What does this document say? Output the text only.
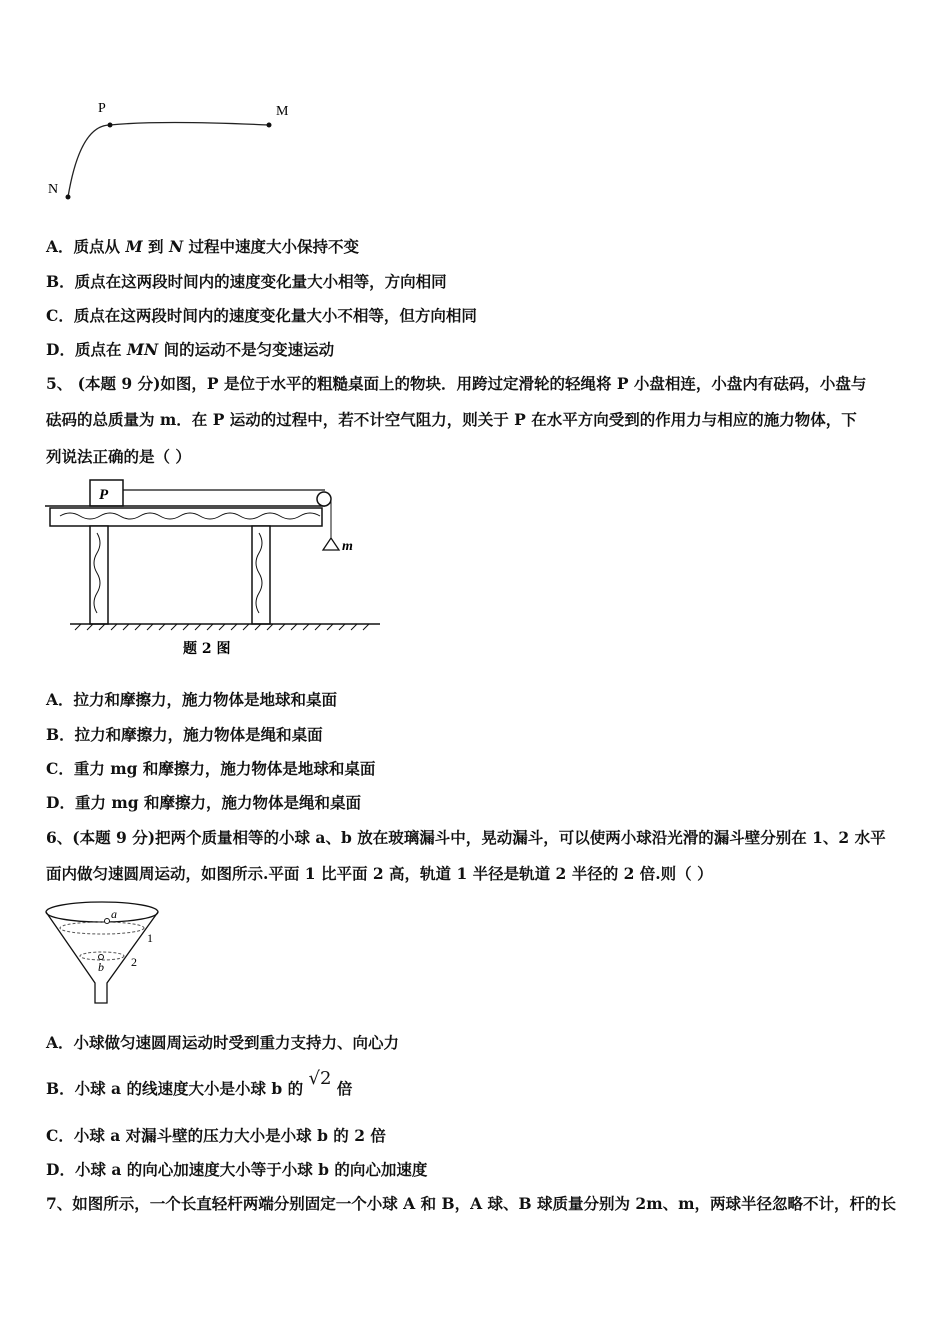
P	M
N
A．质点从 M 到 N 过程中速度大小保持不变
B．质点在这两段时间内的速度变化量大小相等，方向相同
C．质点在这两段时间内的速度变化量大小不相等，但方向相同
D．质点在 MN 间的运动不是匀变速运动
5、 (本题 9 分)如图，P 是位于水平的粗糙桌面上的物块．用跨过定滑轮的轻绳将 P 小盘相连，小盘内有砝码，小盘与
砝码的总质量为 m．在 P 运动的过程中，若不计空气阻力，则关于 P 在水平方向受到的作用力与相应的施力物体，下
列说法正确的是（ ）
P
m
题 2 图
A．拉力和摩擦力，施力物体是地球和桌面
B．拉力和摩擦力，施力物体是绳和桌面
C．重力 mg 和摩擦力，施力物体是地球和桌面
D．重力 mg 和摩擦力，施力物体是绳和桌面
6、(本题 9 分)把两个质量相等的小球 a、b 放在玻璃漏斗中，晃动漏斗，可以使两小球沿光滑的漏斗壁分别在 1、2 水平
面内做匀速圆周运动，如图所示.平面 1 比平面 2 高，轨道 1 半径是轨道 2 半径的 2 倍.则（ ）
a
b
1
2
A．小球做匀速圆周运动时受到重力支持力、向心力
B．小球 a 的线速度大小是小球 b 的 √2 倍
C．小球 a 对漏斗壁的压力大小是小球 b 的 2 倍
D．小球 a 的向心加速度大小等于小球 b 的向心加速度
7、如图所示，一个长直轻杆两端分别固定一个小球 A 和 B，A 球、B 球质量分别为 2m、m，两球半径忽略不计，杆的长
